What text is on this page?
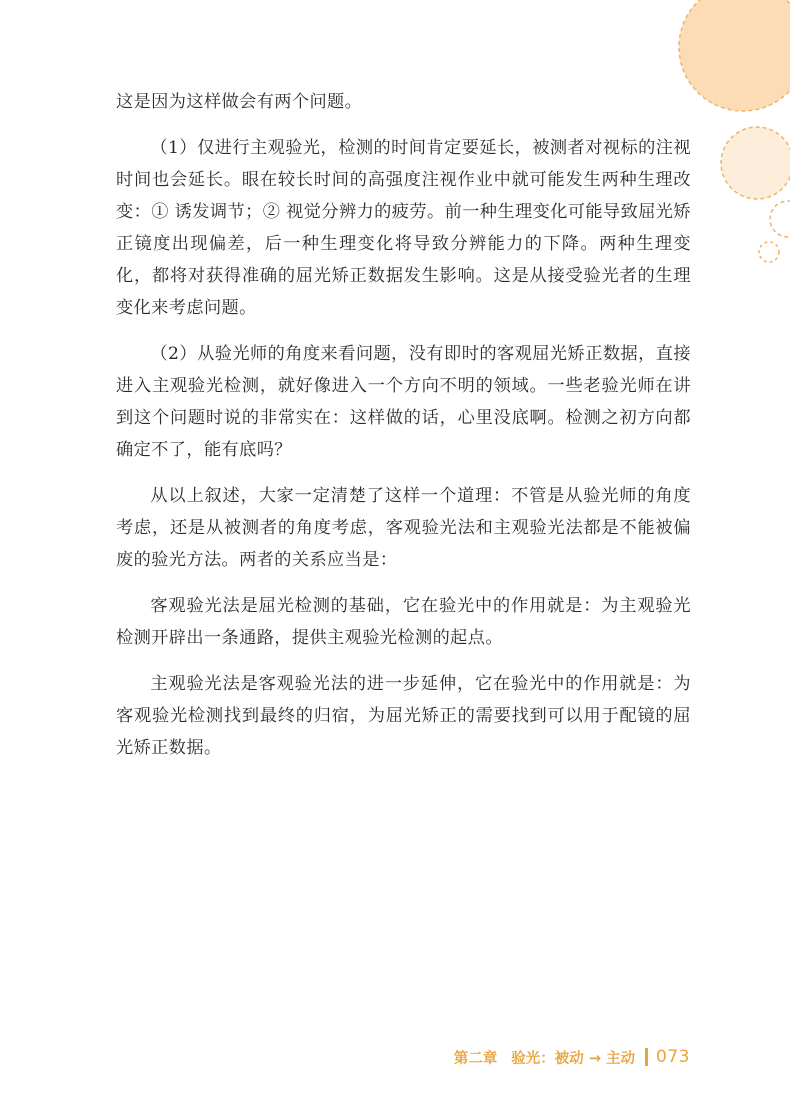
这是因为这样做会有两个问题。

（1）仅进行主观验光，检测的时间肯定要延长，被测者对视标的注视时间也会延长。眼在较长时间的高强度注视作业中就可能发生两种生理改变：① 诱发调节；② 视觉分辨力的疲劳。前一种生理变化可能导致屈光矫正镜度出现偏差，后一种生理变化将导致分辨能力的下降。两种生理变化，都将对获得准确的屈光矫正数据发生影响。这是从接受验光者的生理变化来考虑问题。

（2）从验光师的角度来看问题，没有即时的客观屈光矫正数据，直接进入主观验光检测，就好像进入一个方向不明的领域。一些老验光师在讲到这个问题时说的非常实在：这样做的话，心里没底啊。检测之初方向都确定不了，能有底吗？

从以上叙述，大家一定清楚了这样一个道理：不管是从验光师的角度考虑，还是从被测者的角度考虑，客观验光法和主观验光法都是不能被偏废的验光方法。两者的关系应当是：

客观验光法是屈光检测的基础，它在验光中的作用就是：为主观验光检测开辟出一条通路，提供主观验光检测的起点。

主观验光法是客观验光法的进一步延伸，它在验光中的作用就是：为客观验光检测找到最终的归宿，为屈光矫正的需要找到可以用于配镜的屈光矫正数据。

第二章 验光：被动 → 主动 073
